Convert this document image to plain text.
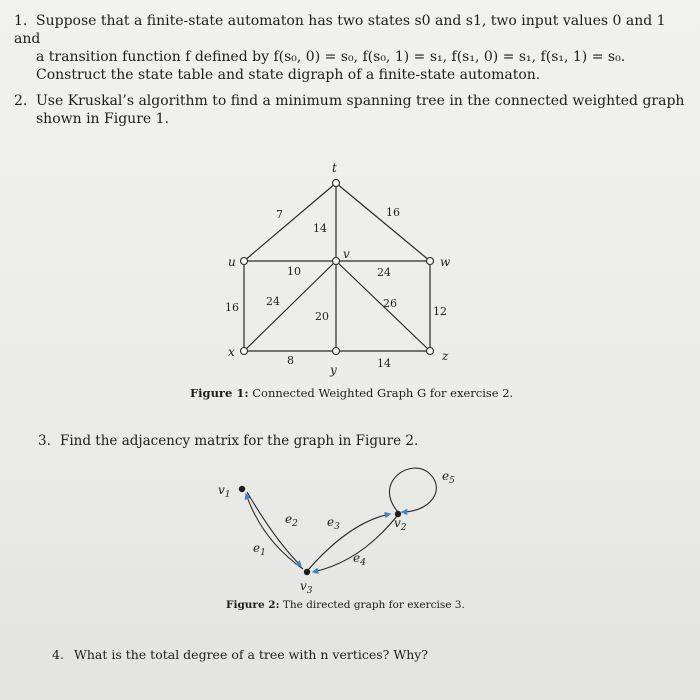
1. Suppose that a finite-state automaton has two states s0 and s1, two input values 0 and 1 and
a transition function f defined by f(s₀, 0) = s₀, f(s₀, 1) = s₁, f(s₁, 0) = s₁, f(s₁, 1) = s₀.
Construct the state table and state digraph of a finite-state automaton.
2. Use Kruskal’s algorithm to find a minimum spanning tree in the connected weighted graph
shown in Figure 1.
t
u
v
w
x
y
z
7
14
16
10	24
16 24
20
26
12
8	14
Figure 1: Connected Weighted Graph G for exercise 2.
3. Find the adjacency matrix for the graph in Figure 2.
$v_1$
$v_2$
$v_3$
$e_1$
$e_2$ $e_3$
$e_4$
$e_5$
Figure 2: The directed graph for exercise 3.
4. What is the total degree of a tree with n vertices? Why?
